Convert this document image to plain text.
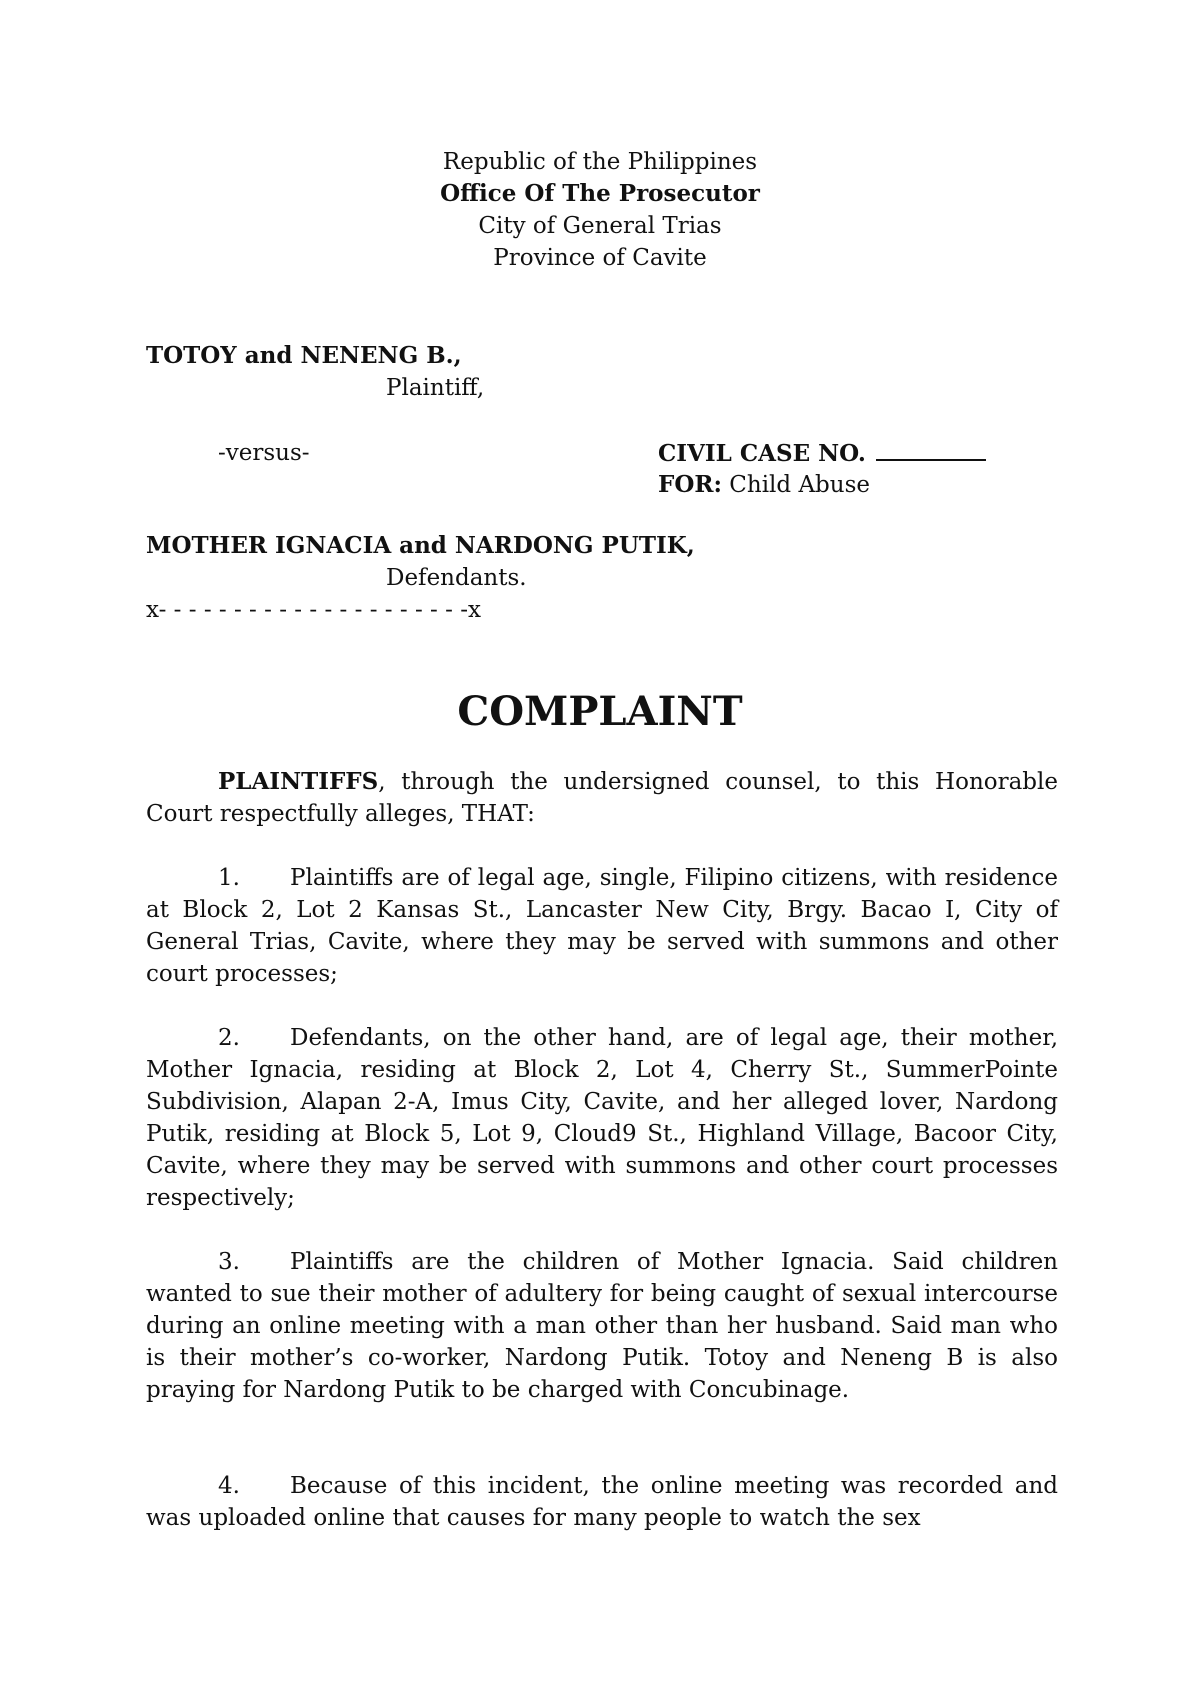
Republic of the Philippines
Office Of The Prosecutor
City of General Trias
Province of Cavite
TOTOY and NENENG B.,
Plaintiff,
-versus-	CIVIL CASE NO.
FOR: Child Abuse
MOTHER IGNACIA and NARDONG PUTIK,
Defendants.
x- - - - - - - - - - - - - - - - - - - - -x
COMPLAINT

PLAINTIFFS, through the undersigned counsel, to this Honorable Court respectfully alleges, THAT:

1. Plaintiffs are of legal age, single, Filipino citizens, with residence at Block 2, Lot 2 Kansas St., Lancaster New City, Brgy. Bacao I, City of General Trias, Cavite, where they may be served with summons and other court processes;

2. Defendants, on the other hand, are of legal age, their mother, Mother Ignacia, residing at Block 2, Lot 4, Cherry St., SummerPointe Subdivision, Alapan 2-A, Imus City, Cavite, and her alleged lover, Nardong Putik, residing at Block 5, Lot 9, Cloud9 St., Highland Village, Bacoor City, Cavite, where they may be served with summons and other court processes respectively;

3. Plaintiffs are the children of Mother Ignacia. Said children wanted to sue their mother of adultery for being caught of sexual intercourse during an online meeting with a man other than her husband. Said man who is their mother’s co-worker, Nardong Putik. Totoy and Neneng B is also praying for Nardong Putik to be charged with Concubinage.

4. Because of this incident, the online meeting was recorded and was uploaded online that causes for many people to watch the sex
